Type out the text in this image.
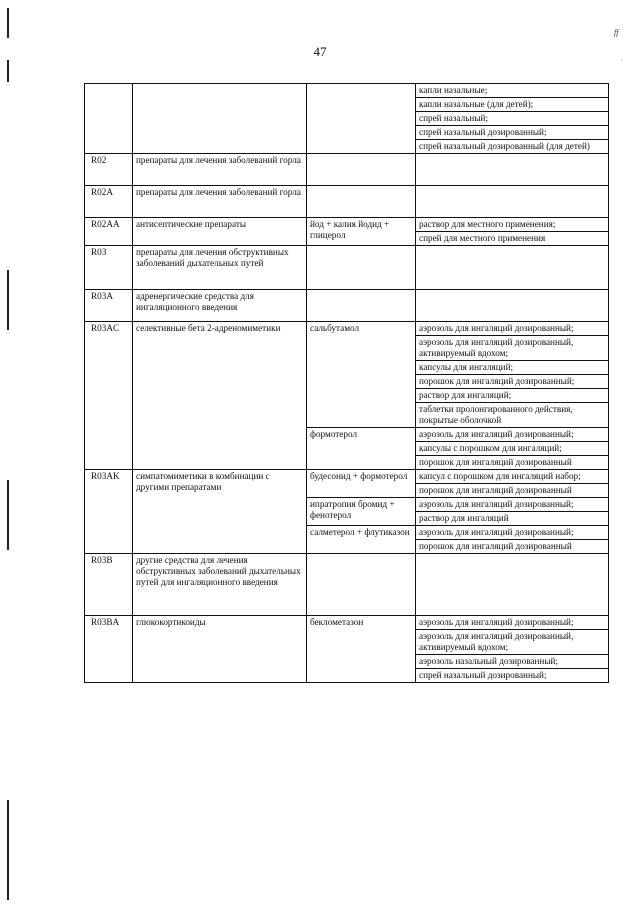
ff
˙
47
			капли назальные;
			капли назальные (для детей);
			спрей назальный;
			спрей назальный дозированный;
			спрей назальный дозированный (для детей)
R02	препараты для лечения заболеваний горла		
R02A	препараты для лечения заболеваний горла		
R02AA	антисептические препараты	йод + калия йодид + глицерол	раствор для местного применения;
			спрей для местного применения
R03	препараты для лечения обструктивных заболеваний дыхательных путей		
R03A	адренергические средства для ингаляционного введения		
R03AC	селективные бета 2-адреномиметики	сальбутамол	аэрозоль для ингаляций дозированный;
			аэрозоль для ингаляций дозированный, активируемый вдохом;
			капсулы для ингаляций;
			порошок для ингаляций дозированный;
			раствор для ингаляций;
			таблетки пролонгированного действия, покрытые оболочкой
		формотерол	аэрозоль для ингаляций дозированный;
			капсулы с порошком для ингаляций;
			порошок для ингаляций дозированный
R03AK	симпатомиметики в комбинации с другими препаратами	будесонид + формотерол	капсул с порошком для ингаляций набор;
			порошок для ингаляций дозированный
		ипратропия бромид + фенотерол	аэрозоль для ингаляций дозированный;
			раствор для ингаляций
		салметерол + флутиказон	аэрозоль для ингаляций дозированный;
			порошок для ингаляций дозированный
R03B	другие средства для лечения обструктивных заболеваний дыхательных путей для ингаляционного введения		
R03BA	глюкокортикоиды	беклометазон	аэрозоль для ингаляций дозированный;
			аэрозоль для ингаляций дозированный, активируемый вдохом;
			аэрозоль назальный дозированный;
			спрей назальный дозированный;
